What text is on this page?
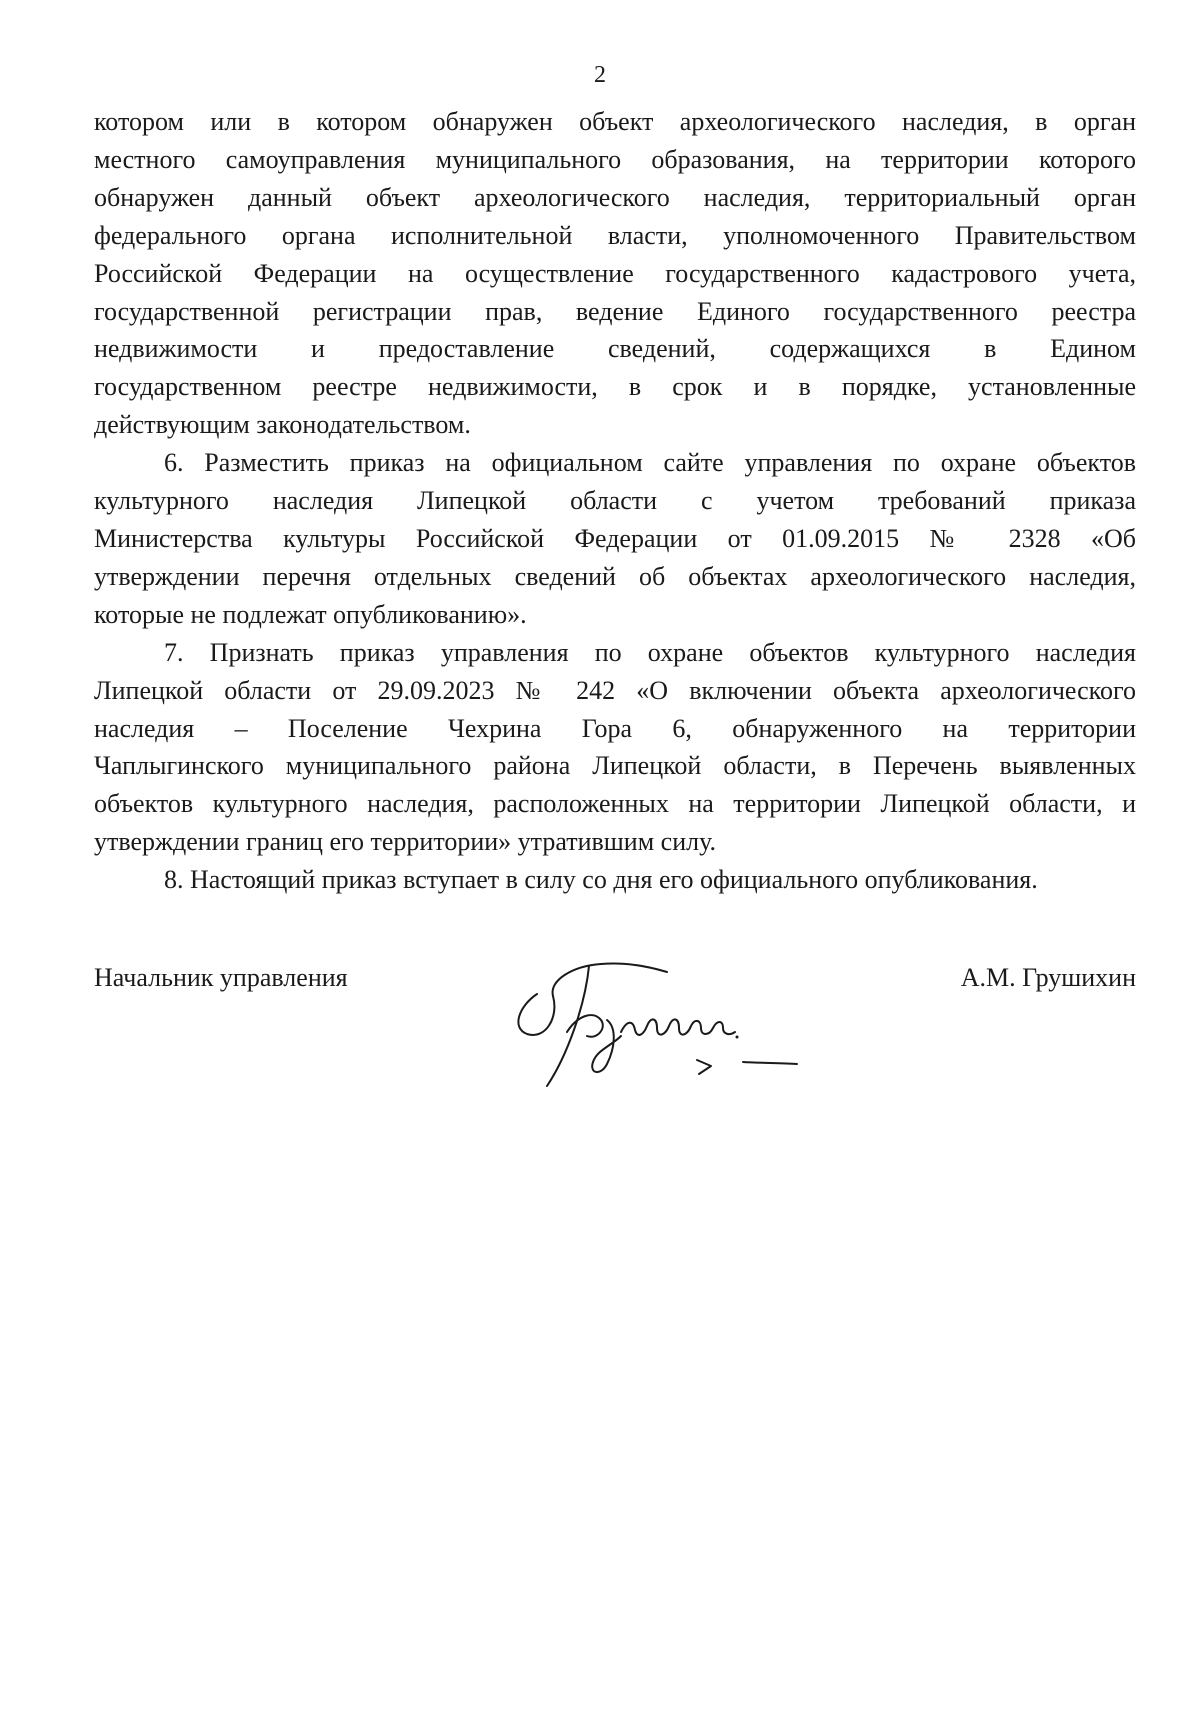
2
котором или в котором обнаружен объект археологического наследия, в орган
местного самоуправления муниципального образования, на территории которого
обнаружен данный объект археологического наследия, территориальный орган
федерального органа исполнительной власти, уполномоченного Правительством
Российской Федерации на осуществление государственного кадастрового учета,
государственной регистрации прав, ведение Единого государственного реестра
недвижимости и предоставление сведений, содержащихся в Едином
государственном реестре недвижимости, в срок и в порядке, установленные
действующим законодательством.
6. Разместить приказ на официальном сайте управления по охране объектов
культурного наследия Липецкой области с учетом требований приказа
Министерства культуры Российской Федерации от 01.09.2015 № 2328 «Об
утверждении перечня отдельных сведений об объектах археологического наследия,
которые не подлежат опубликованию».
7. Признать приказ управления по охране объектов культурного наследия
Липецкой области от 29.09.2023 № 242 «О включении объекта археологического
наследия – Поселение Чехрина Гора 6, обнаруженного на территории
Чаплыгинского муниципального района Липецкой области, в Перечень выявленных
объектов культурного наследия, расположенных на территории Липецкой области, и
утверждении границ его территории» утратившим силу.
8. Настоящий приказ вступает в силу со дня его официального опубликования.
Начальник управления	А.М. Грушихин
